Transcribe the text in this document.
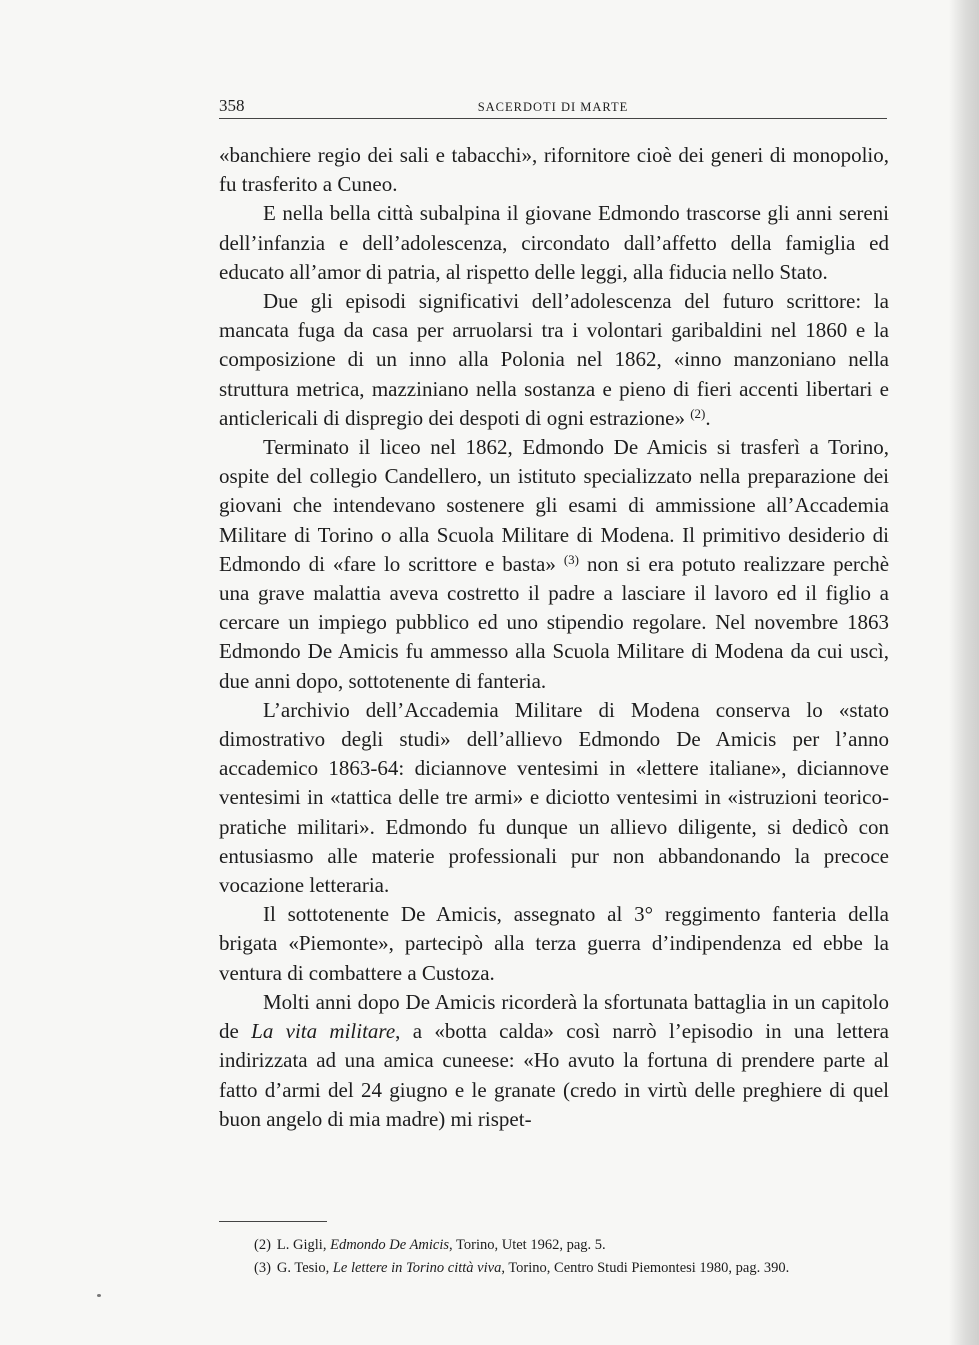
358	SACERDOTI DI MARTE

«banchiere regio dei sali e tabacchi», rifornitore cioè dei generi di monopolio, fu trasferito a Cuneo.

E nella bella città subalpina il giovane Edmondo trascorse gli anni sereni dell’infanzia e dell’adolescenza, circondato dall’affetto della famiglia ed educato all’amor di patria, al rispetto delle leggi, alla fiducia nello Stato.

Due gli episodi significativi dell’adolescenza del futuro scrittore: la mancata fuga da casa per arruolarsi tra i volontari garibaldini nel 1860 e la composizione di un inno alla Polonia nel 1862, «inno manzoniano nella struttura metrica, mazziniano nella sostanza e pieno di fieri accenti libertari e anticlericali di dispregio dei despoti di ogni estrazione» $^{(2)}$.

Terminato il liceo nel 1862, Edmondo De Amicis si trasferì a Torino, ospite del collegio Candellero, un istituto specializzato nella preparazione dei giovani che intendevano sostenere gli esami di ammissione all’Accademia Militare di Torino o alla Scuola Militare di Modena. Il primitivo desiderio di Edmondo di «fare lo scrittore e basta» $^{(3)}$ non si era potuto realizzare perchè una grave malattia aveva costretto il padre a lasciare il lavoro ed il figlio a cercare un impiego pubblico ed uno stipendio regolare. Nel novembre 1863 Edmondo De Amicis fu ammesso alla Scuola Militare di Modena da cui uscì, due anni dopo, sottotenente di fanteria.

L’archivio dell’Accademia Militare di Modena conserva lo «stato dimostrativo degli studi» dell’allievo Edmondo De Amicis per l’anno accademico 1863-64: diciannove ventesimi in «lettere italiane», diciannove ventesimi in «tattica delle tre armi» e diciotto ventesimi in «istruzioni teorico-pratiche militari». Edmondo fu dunque un allievo diligente, si dedicò con entusiasmo alle materie professionali pur non abbandonando la precoce vocazione letteraria.

Il sottotenente De Amicis, assegnato al 3° reggimento fanteria della brigata «Piemonte», partecipò alla terza guerra d’indipendenza ed ebbe la ventura di combattere a Custoza.

Molti anni dopo De Amicis ricorderà la sfortunata battaglia in un capitolo de La vita militare, a «botta calda» così narrò l’episodio in una lettera indirizzata ad una amica cuneese: «Ho avuto la fortuna di prendere parte al fatto d’armi del 24 giugno e le granate (credo in virtù delle preghiere di quel buon angelo di mia madre) mi rispet-

(2) L. Gigli, Edmondo De Amicis, Torino, Utet 1962, pag. 5.
(3) G. Tesio, Le lettere in Torino città viva, Torino, Centro Studi Piemontesi 1980, pag. 390.
